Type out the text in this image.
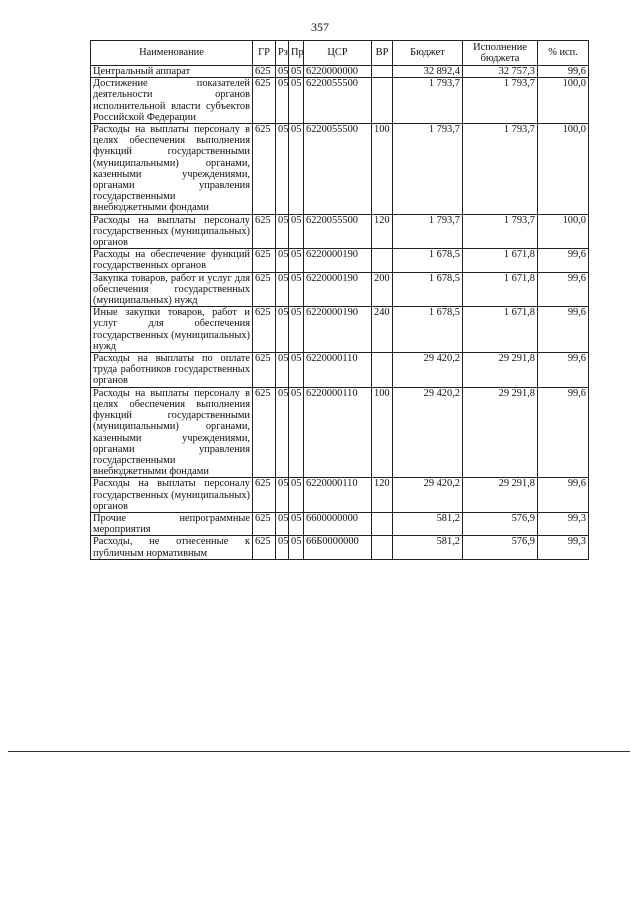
357
Наименование	ГР	Рз	Пр	ЦСР	ВР	Бюджет	Исполнение бюджета	% исп.
Центральный аппарат	625	05	05	6220000000		32 892,4	32 757,3	99,6
Достижение показателей деятельности органов исполнительной власти субъектов Российской Федерации	625	05	05	6220055500		1 793,7	1 793,7	100,0
Расходы на выплаты персоналу в целях обеспечения выполнения функций государственными (муниципальными) органами, казенными учреждениями, органами управления государственными внебюджетными фондами	625	05	05	6220055500	100	1 793,7	1 793,7	100,0
Расходы на выплаты персоналу государственных (муниципальных) органов	625	05	05	6220055500	120	1 793,7	1 793,7	100,0
Расходы на обеспечение функций государственных органов	625	05	05	6220000190		1 678,5	1 671,8	99,6
Закупка товаров, работ и услуг для обеспечения государственных (муниципальных) нужд	625	05	05	6220000190	200	1 678,5	1 671,8	99,6
Иные закупки товаров, работ и услуг для обеспечения государственных (муниципальных) нужд	625	05	05	6220000190	240	1 678,5	1 671,8	99,6
Расходы на выплаты по оплате труда работников государственных органов	625	05	05	6220000110		29 420,2	29 291,8	99,6
Расходы на выплаты персоналу в целях обеспечения выполнения функций государственными (муниципальными) органами, казенными учреждениями, органами управления государственными внебюджетными фондами	625	05	05	6220000110	100	29 420,2	29 291,8	99,6
Расходы на выплаты персоналу государственных (муниципальных) органов	625	05	05	6220000110	120	29 420,2	29 291,8	99,6
Прочие непрограммные мероприятия	625	05	05	6600000000		581,2	576,9	99,3
Расходы, не отнесенные к публичным нормативным	625	05	05	66Б0000000		581,2	576,9	99,3
